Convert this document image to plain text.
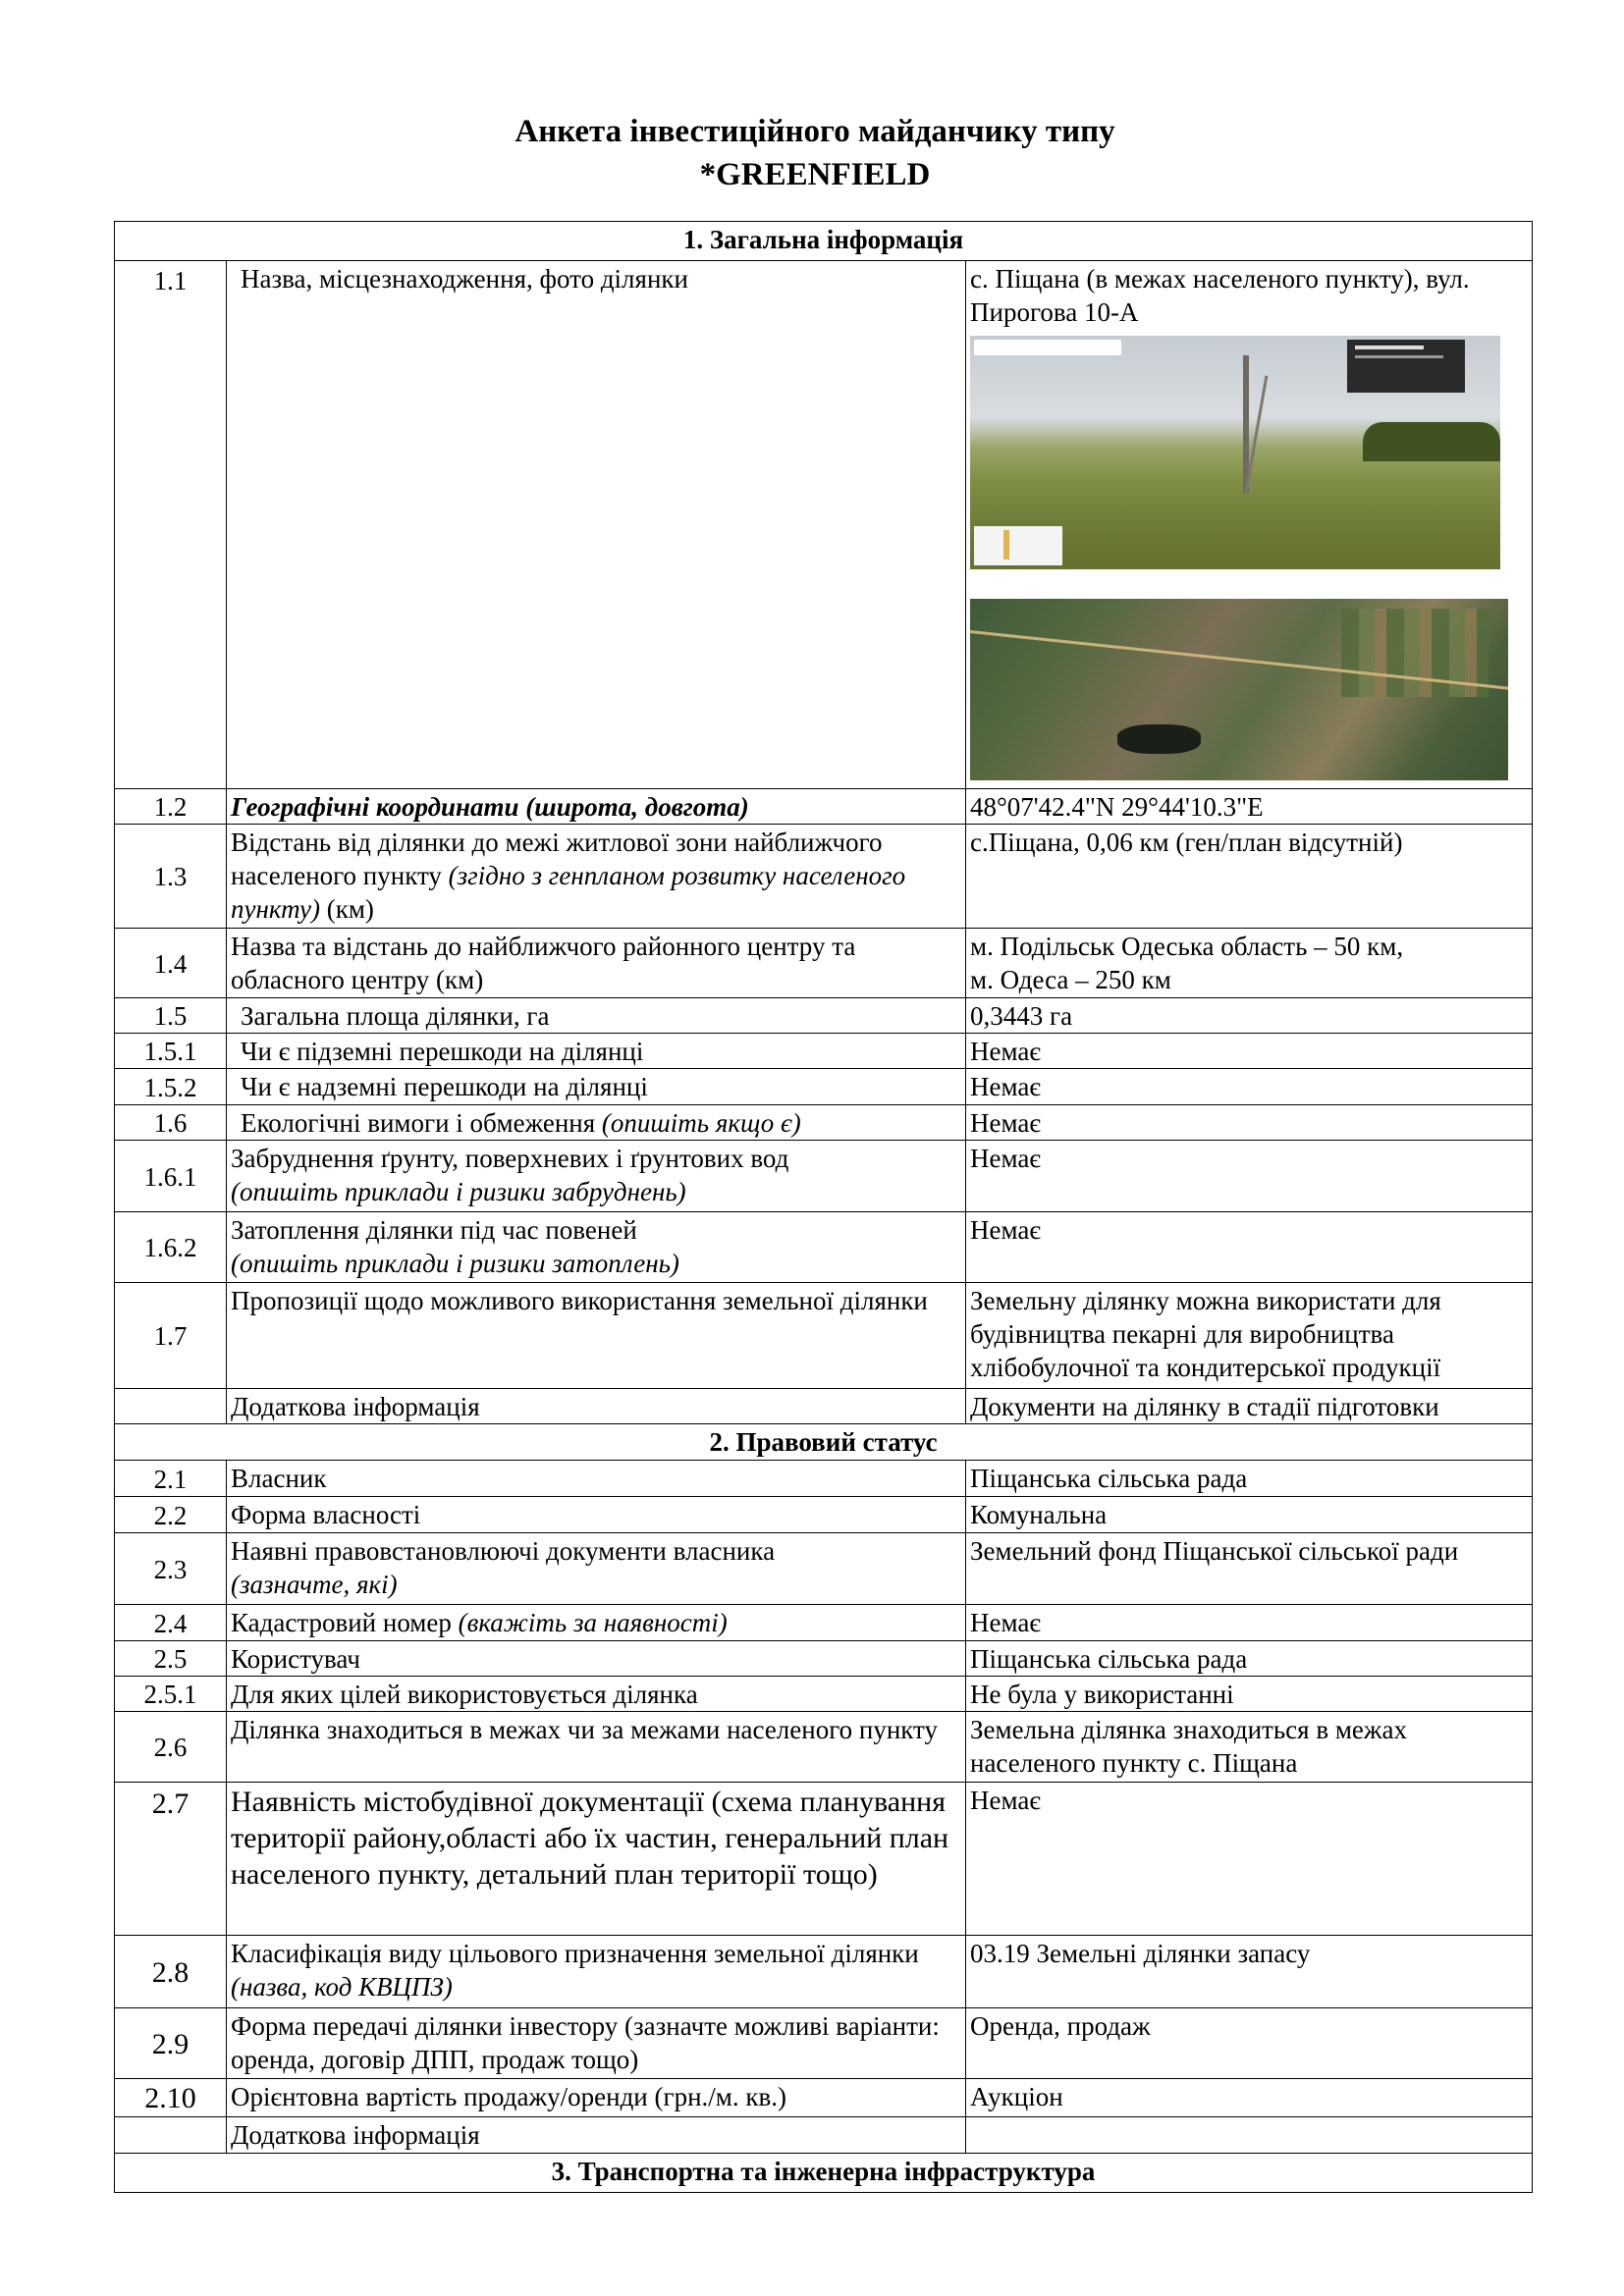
Анкета інвестиційного майданчику типу
*GREENFIELD
1. Загальна інформація		
1.1	Назва, місцезнаходження, фото ділянки	с. Піщана (в межах населеного пункту), вул. Пирогова 10-А

1.2	Географічні координати (широта, довгота)	48°07'42.4"N 29°44'10.3"E
1.3	Відстань від ділянки до межі житлової зони найближчого населеного пункту (згідно з генпланом розвитку населеного пункту) (км)	с.Піщана, 0,06 км (ген/план відсутній)
1.4	Назва та відстань до найближчого районного центру та обласного центру (км)	м. Подільськ Одеська область – 50 км,
м. Одеса – 250 км

1.5	Загальна площа ділянки, га	0,3443 га
1.5.1	Чи є підземні перешкоди на ділянці	Немає
1.5.2	Чи є надземні перешкоди на ділянці	Немає
1.6	Екологічні вимоги і обмеження (опишіть якщо є)	Немає
1.6.1	Забруднення ґрунту, поверхневих і ґрунтових вод
(опишіть приклади і ризики забруднень)	Немає
1.6.2	Затоплення ділянки під час повеней
(опишіть приклади і ризики затоплень)	Немає
1.7	Пропозиції щодо можливого використання земельної ділянки	Земельну ділянку можна використати для будівництва пекарні для виробництва хлібобулочної та кондитерської продукції
	Додаткова інформація	Документи на ділянку в стадії підготовки
2. Правовий статус		
2.1	Власник	Піщанська сільська рада
2.2	Форма власності	Комунальна
2.3	Наявні правовстановлюючі документи власника
(зазначте, які)	Земельний фонд Піщанської сільської ради
2.4	Кадастровий номер (вкажіть за наявності)	Немає
2.5	Користувач	Піщанська сільська рада
2.5.1	Для яких цілей використовується ділянка	Не була у використанні
2.6	Ділянка знаходиться в межах чи за межами населеного пункту	Земельна ділянка знаходиться в межах населеного пункту с. Піщана
2.7	Наявність містобудівної документації (схема планування території району,області або їх частин, генеральний план населеного пункту, детальний план території тощо)	Немає
2.8	Класифікація виду цільового призначення земельної ділянки (назва, код КВЦПЗ)	03.19 Земельні ділянки запасу
2.9	Форма передачі ділянки інвестору (зазначте можливі варіанти: оренда, договір ДПП, продаж тощо)	Оренда, продаж
2.10	Орієнтовна вартість продажу/оренди (грн./м. кв.)	Аукціон
	Додаткова інформація	
3. Транспортна та інженерна інфраструктура		
